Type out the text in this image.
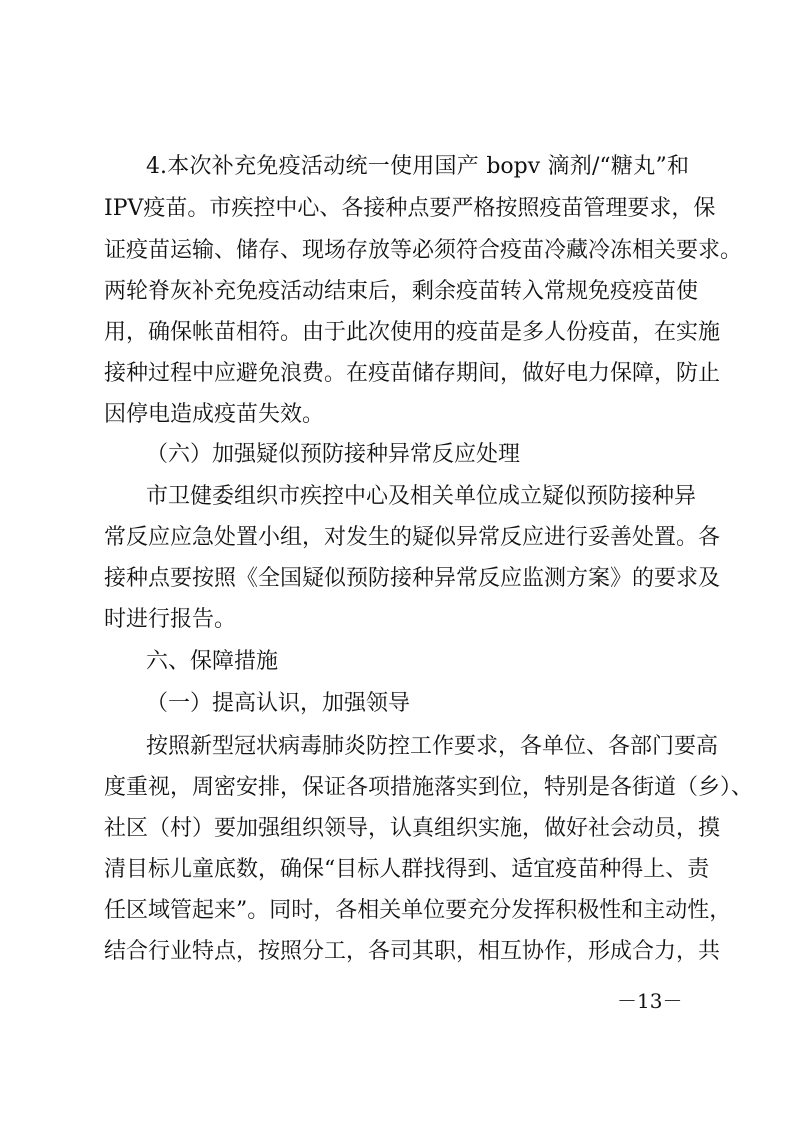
4.本次补充免疫活动统一使用国产 bopv 滴剂/“糖丸”和
IPV疫苗。市疾控中心、各接种点要严格按照疫苗管理要求，保
证疫苗运输、储存、现场存放等必须符合疫苗冷藏冷冻相关要求。
两轮脊灰补充免疫活动结束后，剩余疫苗转入常规免疫疫苗使
用，确保帐苗相符。由于此次使用的疫苗是多人份疫苗，在实施
接种过程中应避免浪费。在疫苗储存期间，做好电力保障，防止
因停电造成疫苗失效。
（六）加强疑似预防接种异常反应处理
市卫健委组织市疾控中心及相关单位成立疑似预防接种异
常反应应急处置小组，对发生的疑似异常反应进行妥善处置。各
接种点要按照《全国疑似预防接种异常反应监测方案》的要求及
时进行报告。
六、保障措施
（一）提高认识，加强领导
按照新型冠状病毒肺炎防控工作要求，各单位、各部门要高
度重视，周密安排，保证各项措施落实到位，特别是各街道（乡）、
社区（村）要加强组织领导，认真组织实施，做好社会动员，摸
清目标儿童底数，确保“目标人群找得到、适宜疫苗种得上、责
任区域管起来”。同时，各相关单位要充分发挥积极性和主动性，
结合行业特点，按照分工，各司其职，相互协作，形成合力，共
－13－
